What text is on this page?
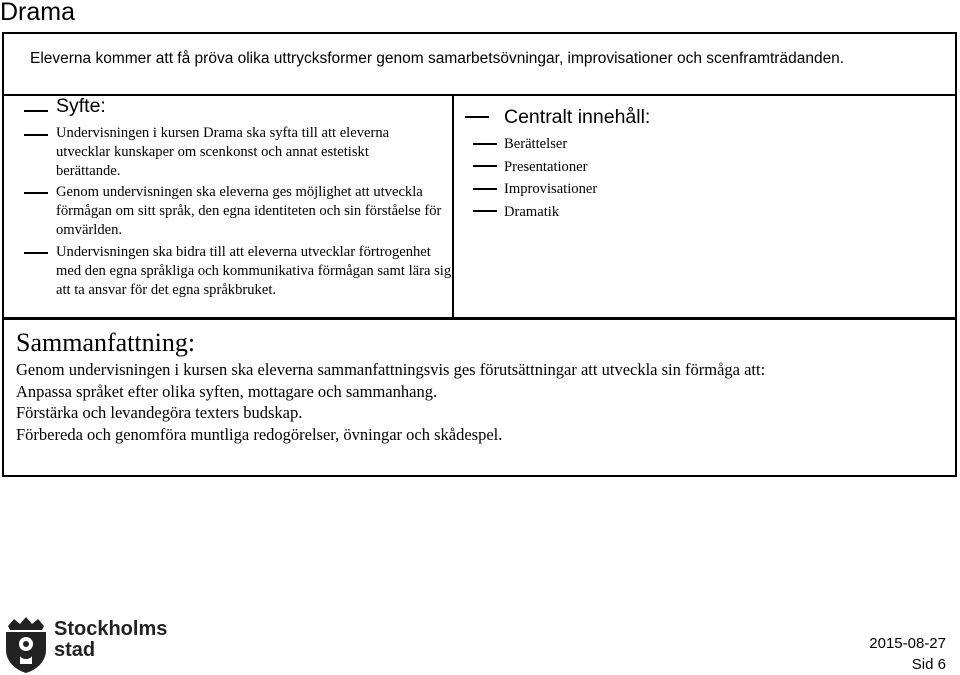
Drama
Eleverna kommer att få pröva olika uttrycksformer genom samarbetsövningar, improvisationer och scenframträdanden.
Syfte:
Undervisningen i kursen Drama ska syfta till att eleverna utvecklar kunskaper om scenkonst och annat estetiskt berättande.
Genom undervisningen ska eleverna ges möjlighet att utveckla förmågan om sitt språk, den egna identiteten och sin förståelse för omvärlden.
Undervisningen ska bidra till att eleverna utvecklar förtrogenhet med den egna språkliga och kommunikativa förmågan samt lära sig att ta ansvar för det egna språkbruket.
Centralt innehåll:
Berättelser
Presentationer
Improvisationer
Dramatik
Sammanfattning:
Genom undervisningen i kursen ska eleverna sammanfattningsvis ges förutsättningar att utveckla sin förmåga att:
Anpassa språket efter olika syften, mottagare och sammanhang.
Förstärka och levandegöra texters budskap.
Förbereda och genomföra muntliga redogörelser, övningar och skådespel.
Stockholms
stad	2015-08-27
Sid 6
